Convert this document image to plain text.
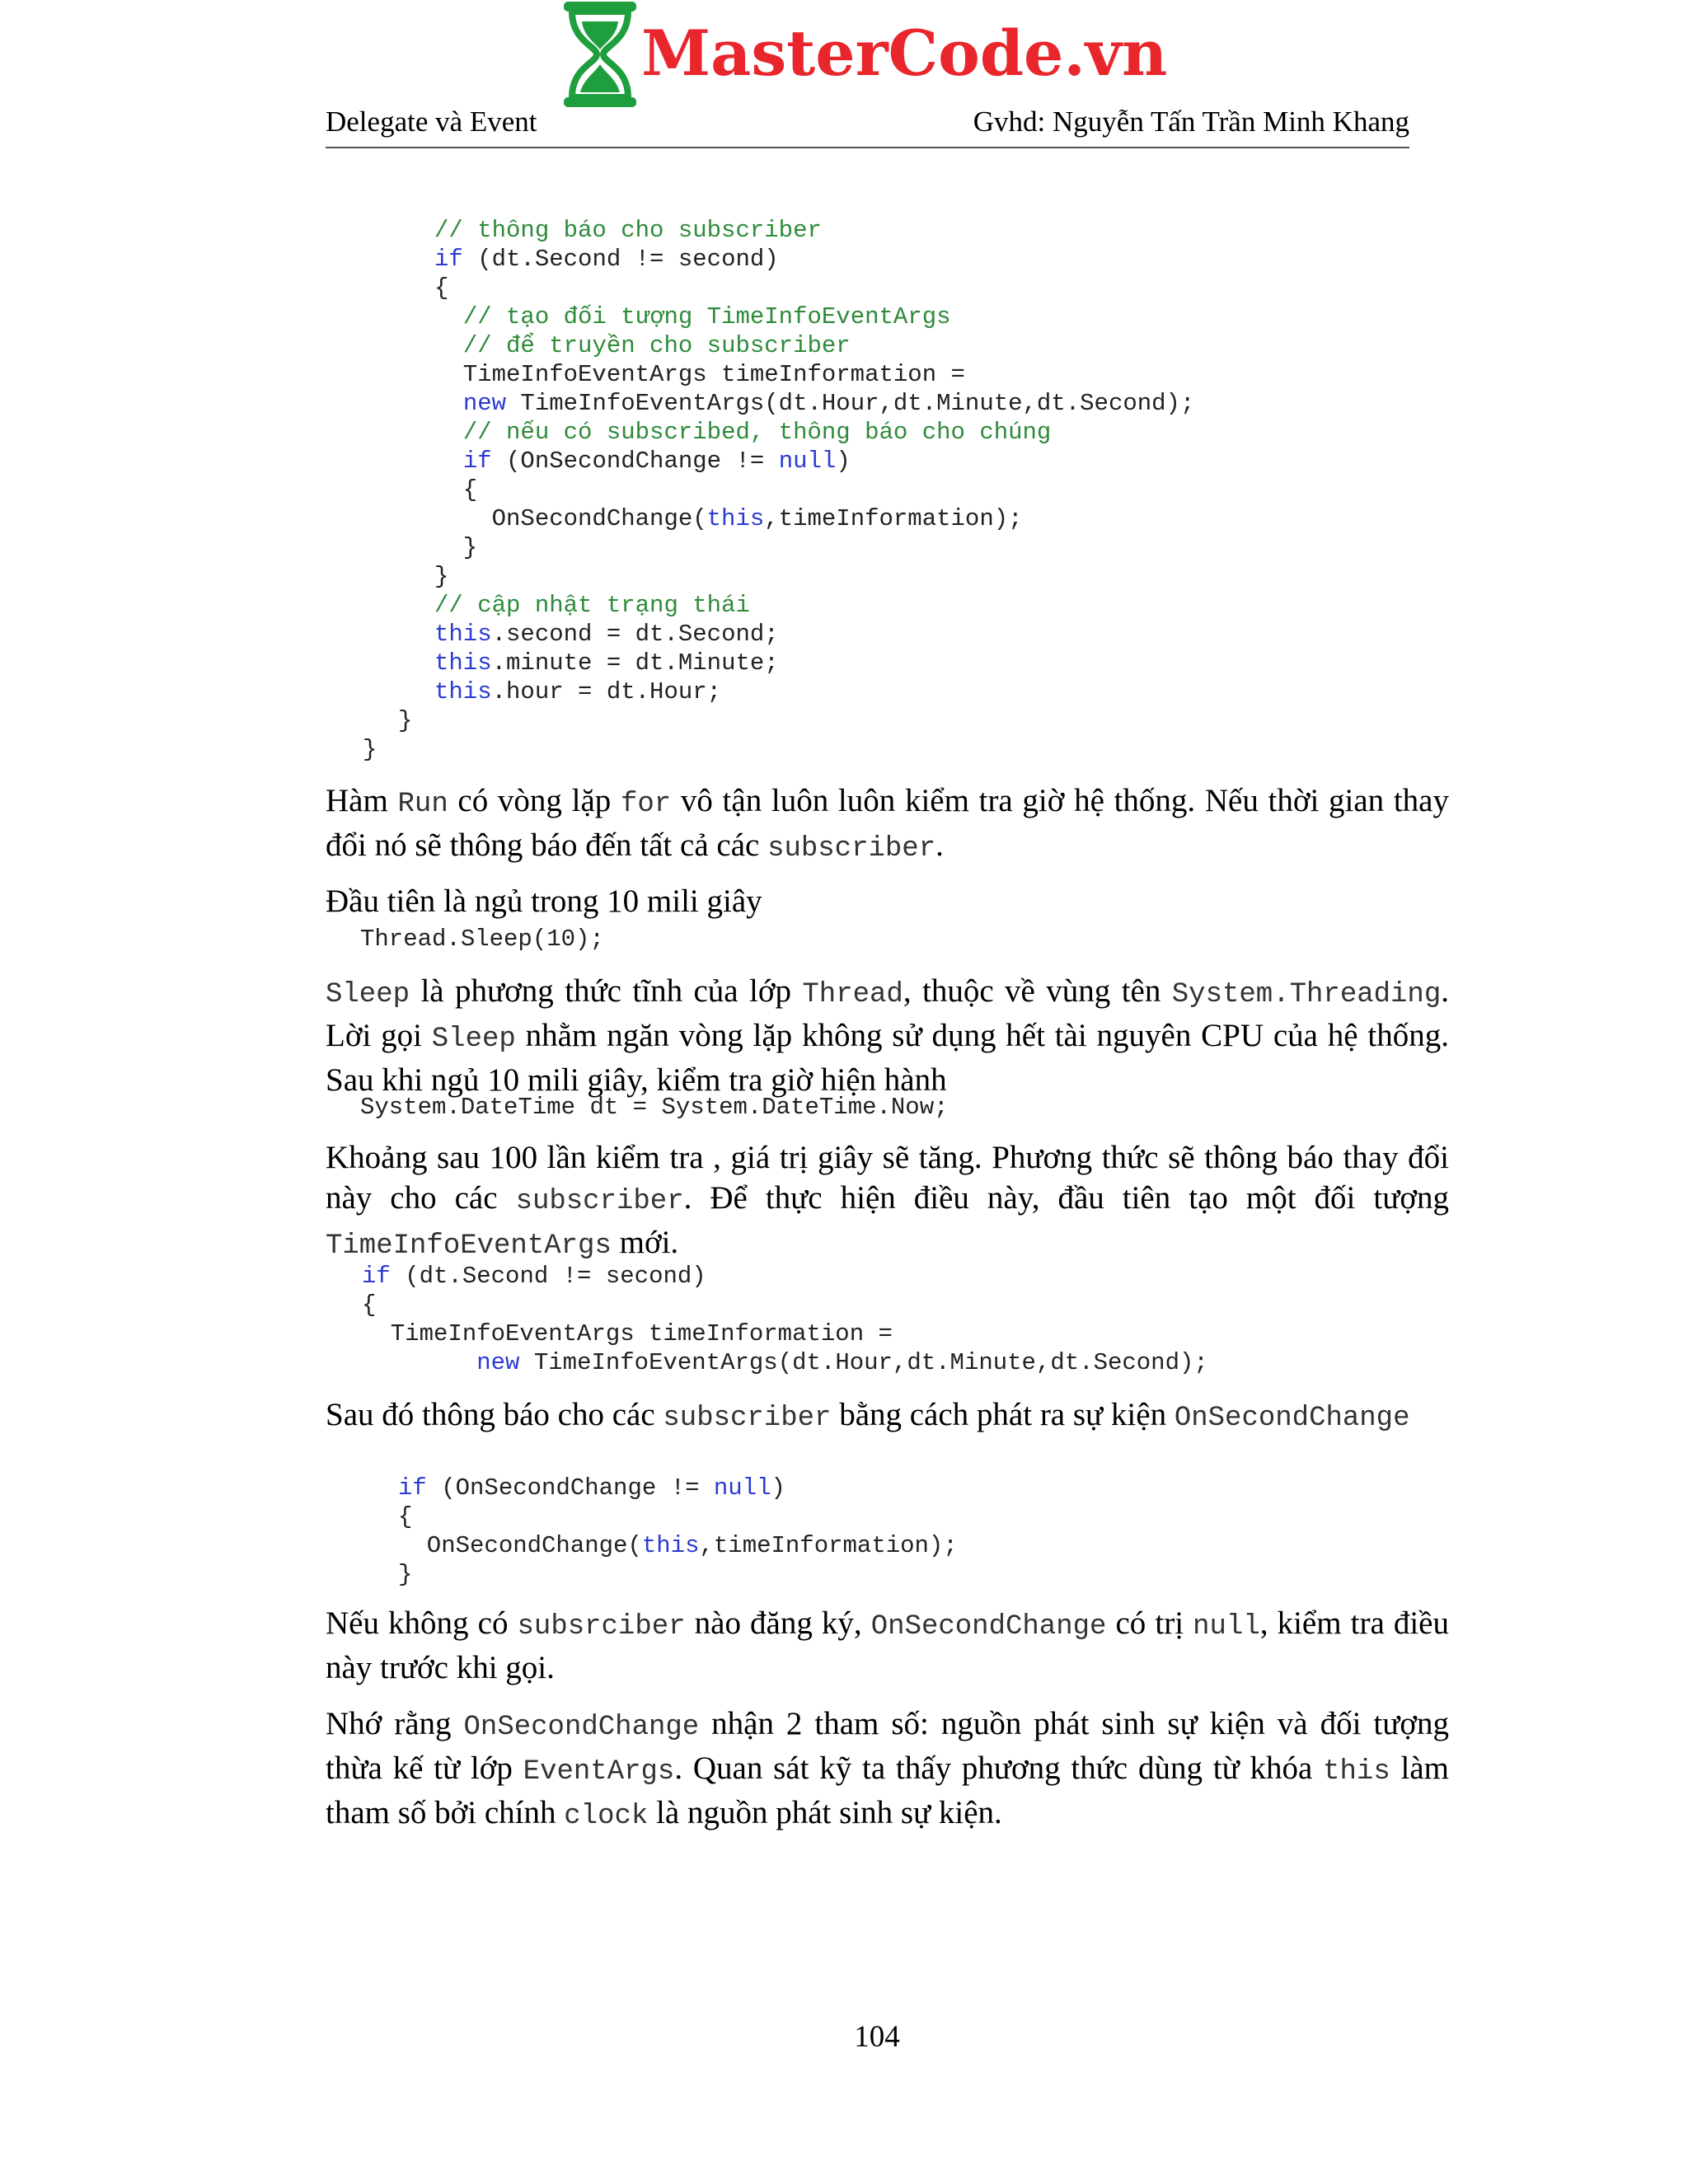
MasterCode.vn
Delegate và Event	Gvhd: Nguyễn Tấn Trần Minh Khang
// thông báo cho subscriber
if (dt.Second != second)
{
// tạo đối tượng TimeInfoEventArgs
// để truyền cho subscriber
TimeInfoEventArgs timeInformation =
new TimeInfoEventArgs(dt.Hour,dt.Minute,dt.Second);
// nếu có subscribed, thông báo cho chúng
if (OnSecondChange != null)
{
OnSecondChange(this,timeInformation);
}
}
// cập nhật trạng thái
this.second = dt.Second;
this.minute = dt.Minute;
this.hour = dt.Hour;
}
}

Hàm Run có vòng lặp for vô tận luôn luôn kiểm tra giờ hệ thống. Nếu thời gian thay đổi nó sẽ thông báo đến tất cả các subscriber.

Đầu tiên là ngủ trong 10 mili giây

Thread.Sleep(10);

Sleep là phương thức tĩnh của lớp Thread, thuộc về vùng tên System.Threading. Lời gọi Sleep nhằm ngăn vòng lặp không sử dụng hết tài nguyên CPU của hệ thống. Sau khi ngủ 10 mili giây, kiểm tra giờ hiện hành

System.DateTime dt = System.DateTime.Now;

Khoảng sau 100 lần kiểm tra , giá trị giây sẽ tăng. Phương thức sẽ thông báo thay đổi này cho các subscriber. Để thực hiện điều này, đầu tiên tạo một đối tượng TimeInfoEventArgs mới.

if (dt.Second != second)
{
TimeInfoEventArgs timeInformation =
new TimeInfoEventArgs(dt.Hour,dt.Minute,dt.Second);

Sau đó thông báo cho các subscriber bằng cách phát ra sự kiện OnSecondChange

if (OnSecondChange != null)
{
OnSecondChange(this,timeInformation);
}

Nếu không có subsrciber nào đăng ký, OnSecondChange có trị null, kiểm tra điều này trước khi gọi.

Nhớ rằng OnSecondChange nhận 2 tham số: nguồn phát sinh sự kiện và đối tượng thừa kế từ lớp EventArgs. Quan sát kỹ ta thấy phương thức dùng từ khóa this làm tham số bởi chính clock là nguồn phát sinh sự kiện.

104
